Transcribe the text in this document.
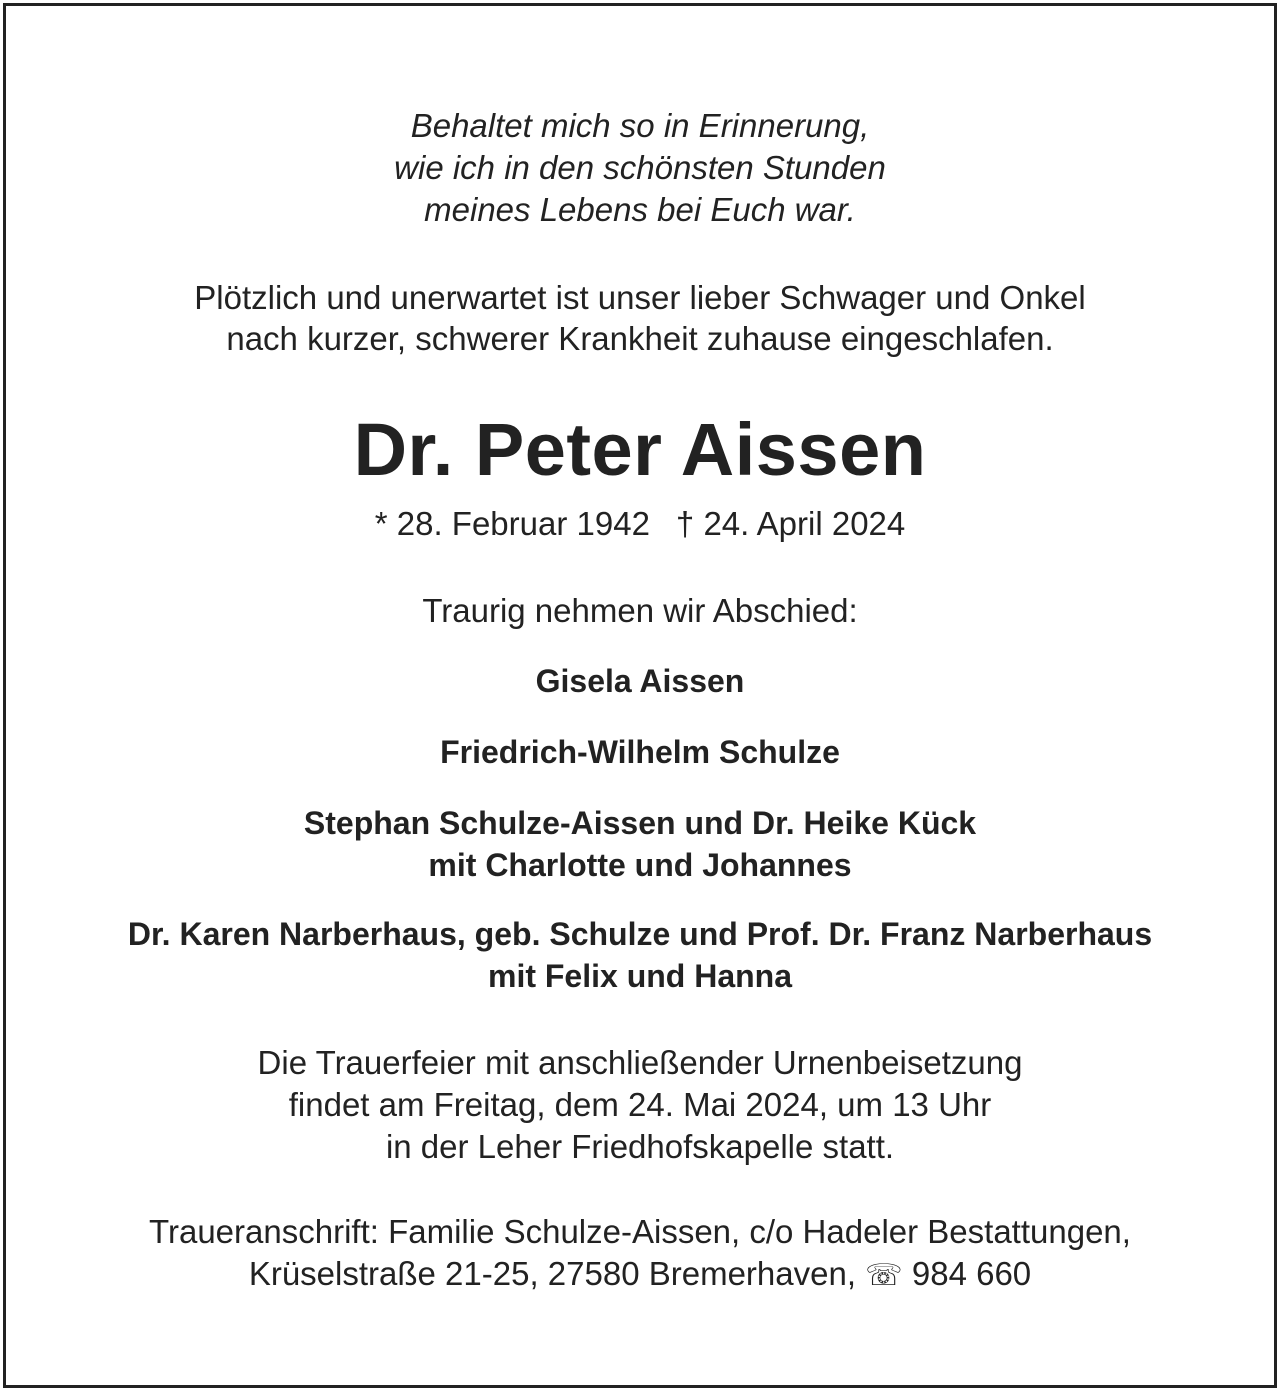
Behaltet mich so in Erinnerung,
wie ich in den schönsten Stunden
meines Lebens bei Euch war.
Plötzlich und unerwartet ist unser lieber Schwager und Onkel
nach kurzer, schwerer Krankheit zuhause eingeschlafen.
Dr. Peter Aissen
* 28. Februar 1942 † 24. April 2024
Traurig nehmen wir Abschied:
Gisela Aissen
Friedrich-Wilhelm Schulze
Stephan Schulze-Aissen und Dr. Heike Kück
mit Charlotte und Johannes
Dr. Karen Narberhaus, geb. Schulze und Prof. Dr. Franz Narberhaus
mit Felix und Hanna
Die Trauerfeier mit anschließender Urnenbeisetzung
findet am Freitag, dem 24. Mai 2024, um 13 Uhr
in der Leher Friedhofskapelle statt.
Traueranschrift: Familie Schulze-Aissen, c/o Hadeler Bestattungen,
Krüselstraße 21-25, 27580 Bremerhaven, ☏ 984 660
